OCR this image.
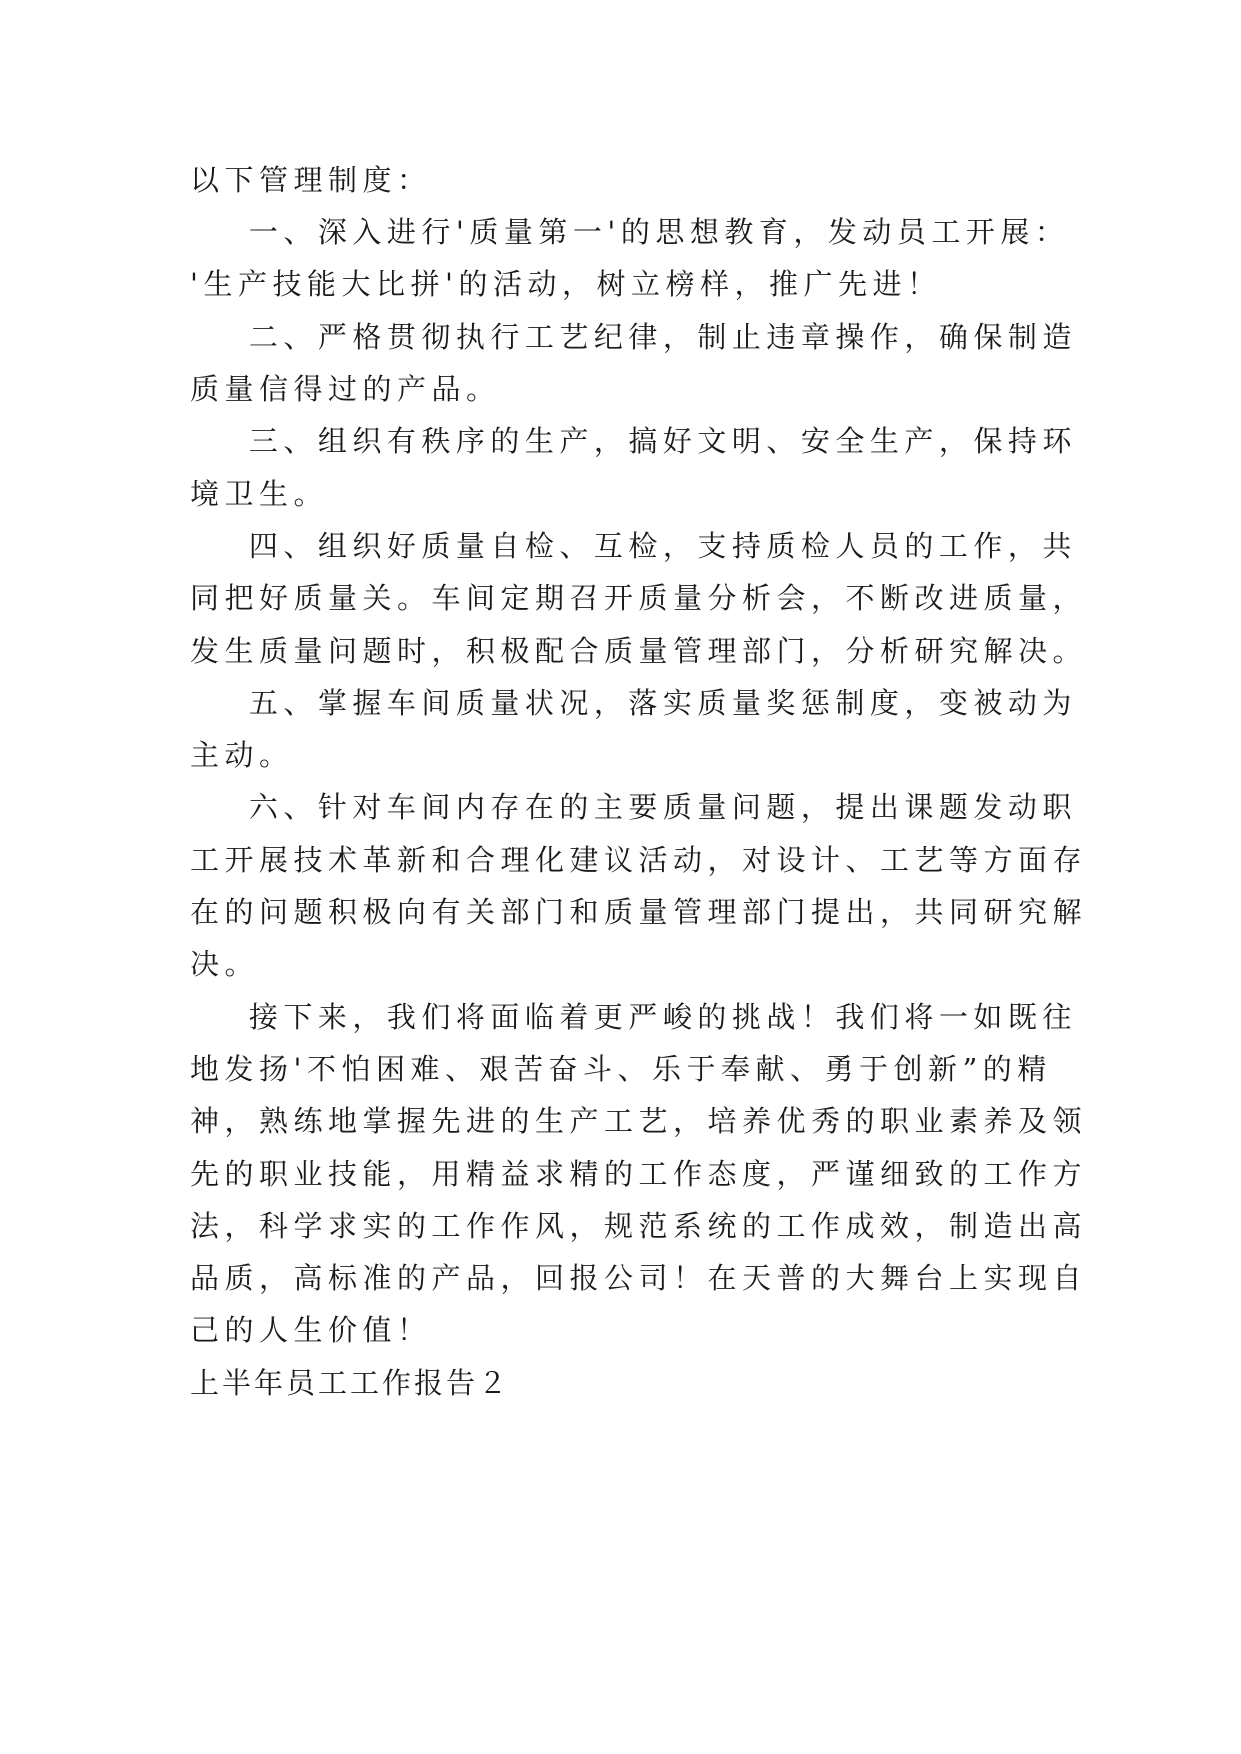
以下管理制度：
一、深入进行'质量第一'的思想教育，发动员工开展：
'生产技能大比拼'的活动，树立榜样，推广先进！
二、严格贯彻执行工艺纪律，制止违章操作，确保制造
质量信得过的产品。
三、组织有秩序的生产，搞好文明、安全生产，保持环
境卫生。
四、组织好质量自检、互检，支持质检人员的工作，共
同把好质量关。车间定期召开质量分析会，不断改进质量，
发生质量问题时，积极配合质量管理部门，分析研究解决。
五、掌握车间质量状况，落实质量奖惩制度，变被动为
主动。
六、针对车间内存在的主要质量问题，提出课题发动职
工开展技术革新和合理化建议活动，对设计、工艺等方面存
在的问题积极向有关部门和质量管理部门提出，共同研究解
决。
接下来，我们将面临着更严峻的挑战！我们将一如既往
地发扬'不怕困难、艰苦奋斗、乐于奉献、勇于创新”的精
神，熟练地掌握先进的生产工艺，培养优秀的职业素养及领
先的职业技能，用精益求精的工作态度，严谨细致的工作方
法，科学求实的工作作风，规范系统的工作成效，制造出高
品质，高标准的产品，回报公司！在天普的大舞台上实现自
己的人生价值！
上半年员工工作报告２
